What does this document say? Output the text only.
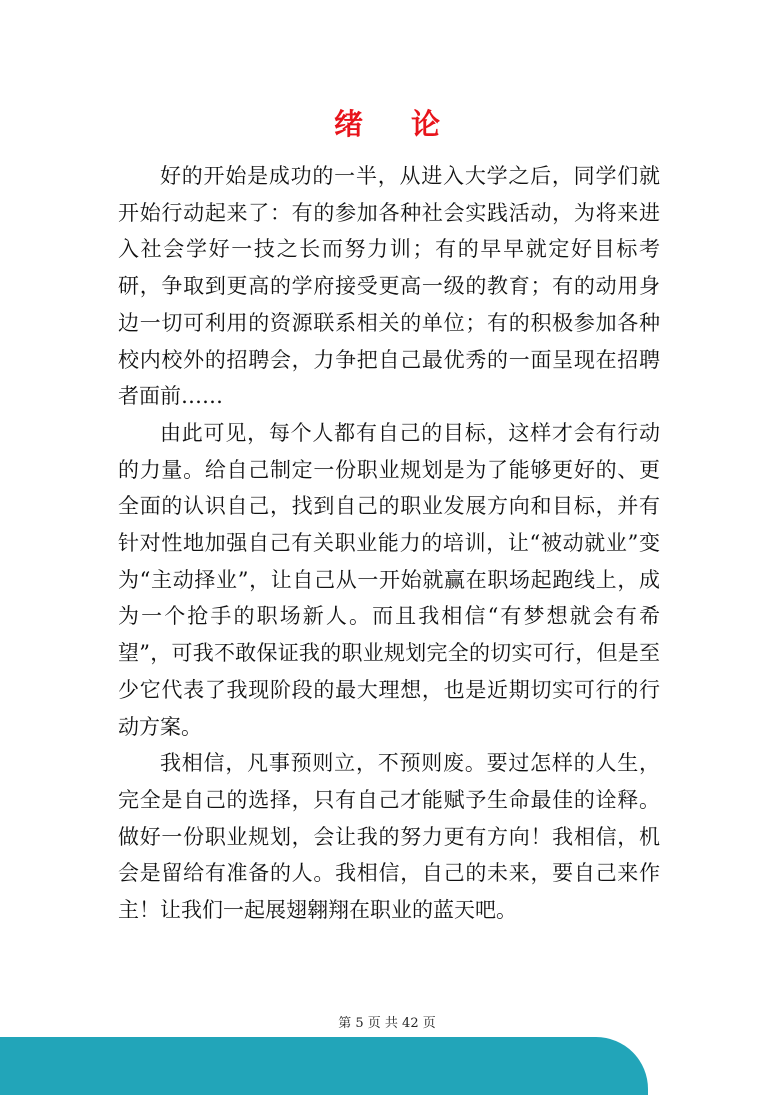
绪论

好的开始是成功的一半，从进入大学之后，同学们就开始行动起来了：有的参加各种社会实践活动，为将来进入社会学好一技之长而努力训；有的早早就定好目标考研，争取到更高的学府接受更高一级的教育；有的动用身边一切可利用的资源联系相关的单位；有的积极参加各种校内校外的招聘会，力争把自己最优秀的一面呈现在招聘者面前……

由此可见，每个人都有自己的目标，这样才会有行动的力量。给自己制定一份职业规划是为了能够更好的、更全面的认识自己，找到自己的职业发展方向和目标，并有针对性地加强自己有关职业能力的培训，让“被动就业”变为“主动择业”，让自己从一开始就赢在职场起跑线上，成为一个抢手的职场新人。而且我相信“有梦想就会有希望”，可我不敢保证我的职业规划完全的切实可行，但是至少它代表了我现阶段的最大理想，也是近期切实可行的行动方案。

我相信，凡事预则立，不预则废。要过怎样的人生，完全是自己的选择，只有自己才能赋予生命最佳的诠释。做好一份职业规划，会让我的努力更有方向！我相信，机会是留给有准备的人。我相信，自己的未来，要自己来作主！让我们一起展翅翱翔在职业的蓝天吧。

第 5 页 共 42 页
